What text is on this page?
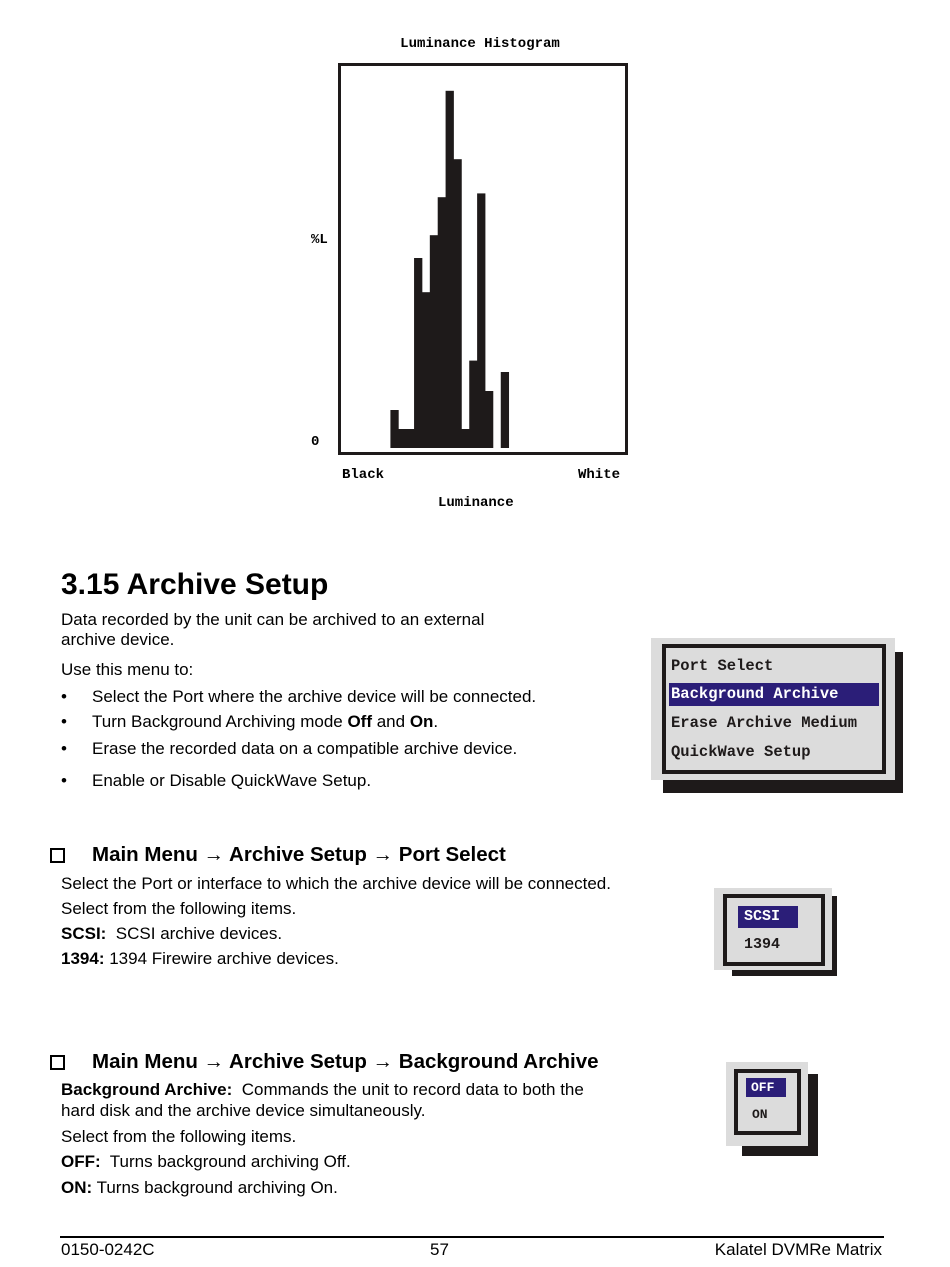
Luminance Histogram
%L
0
Black	White
Luminance
3.15 Archive Setup
Data recorded by the unit can be archived to an external
archive device.
Use this menu to:
• Select the Port where the archive device will be connected.
• Turn Background Archiving mode Off and On.
• Erase the recorded data on a compatible archive device.
• Enable or Disable QuickWave Setup.
Port Select
Background Archive
Erase Archive Medium
QuickWave Setup
Main Menu → Archive Setup → Port Select
Select the Port or interface to which the archive device will be connected.
Select from the following items.
SCSI:  SCSI archive devices.
1394: 1394 Firewire archive devices.
SCSI
1394
Main Menu → Archive Setup → Background Archive
Background Archive:  Commands the unit to record data to both the
hard disk and the archive device simultaneously.
Select from the following items.
OFF:  Turns background archiving Off.
ON: Turns background archiving On.
OFF
ON
0150-0242C	57	Kalatel DVMRe Matrix
